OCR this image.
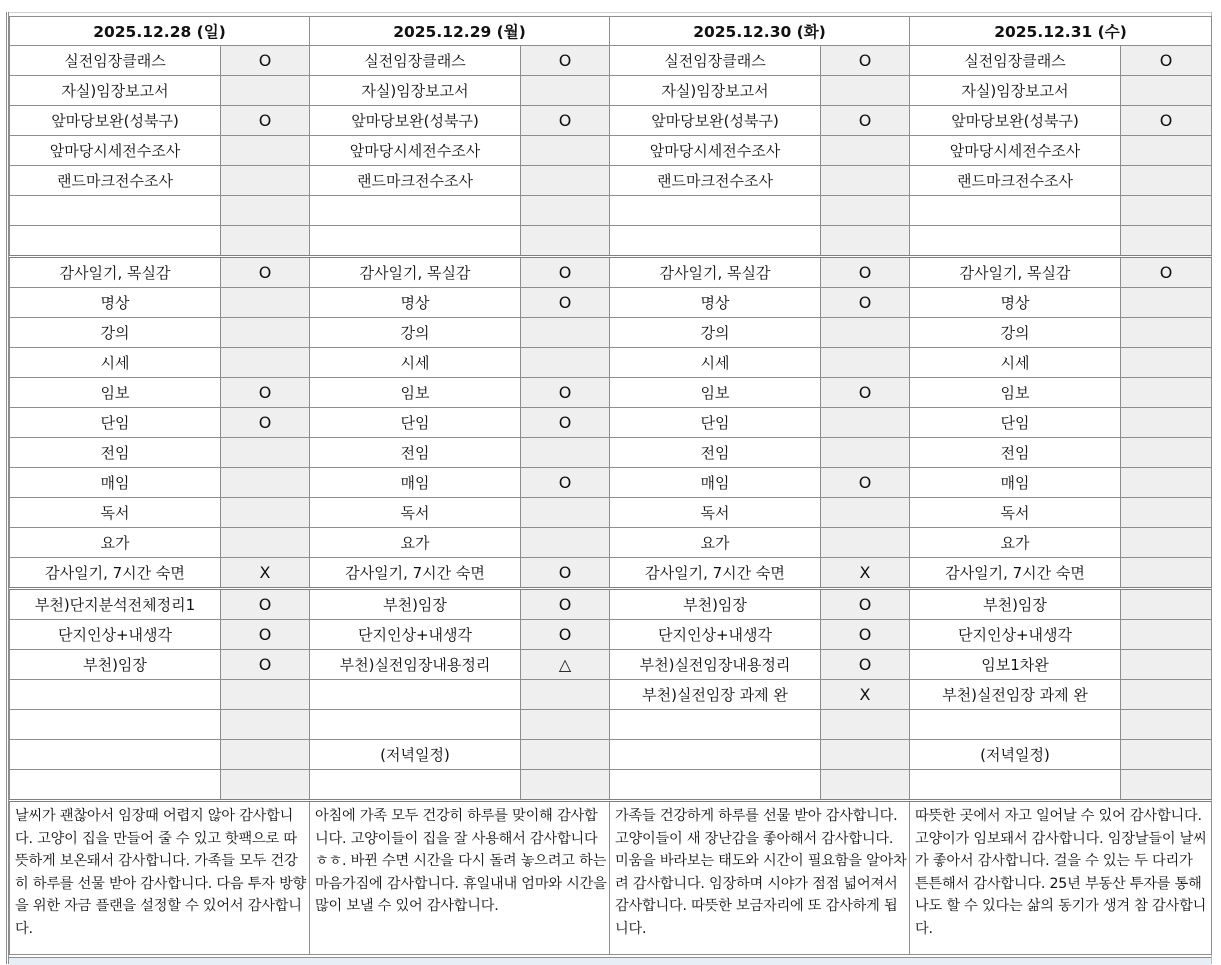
2025.12.28 (일)		2025.12.29 (월)		2025.12.30 (화)		2025.12.31 (수)	
실전임장클래스	O	실전임장클래스	O	실전임장클래스	O	실전임장클래스	O
자실)임장보고서		자실)임장보고서		자실)임장보고서		자실)임장보고서	
앞마당보완(성북구)	O	앞마당보완(성북구)	O	앞마당보완(성북구)	O	앞마당보완(성북구)	O
앞마당시세전수조사		앞마당시세전수조사		앞마당시세전수조사		앞마당시세전수조사	
랜드마크전수조사		랜드마크전수조사		랜드마크전수조사		랜드마크전수조사	

감사일기, 목실감	O	감사일기, 목실감	O	감사일기, 목실감	O	감사일기, 목실감	O
명상		명상	O	명상	O	명상	
강의		강의		강의		강의	
시세		시세		시세		시세	
임보	O	임보	O	임보	O	임보	
단임	O	단임	O	단임		단임	
전임		전임		전임		전임	
매임		매임	O	매임	O	매임	
독서		독서		독서		독서	
요가		요가		요가		요가	
감사일기, 7시간 숙면	X	감사일기, 7시간 숙면	O	감사일기, 7시간 숙면	X	감사일기, 7시간 숙면	
부천)단지분석전체정리1	O	부천)임장	O	부천)임장	O	부천)임장	
단지인상+내생각	O	단지인상+내생각	O	단지인상+내생각	O	단지인상+내생각	
부천)임장	O	부천)실전임장내용정리	△	부천)실전임장내용정리	O	임보1차완	
				부천)실전임장 과제 완	X	부천)실전임장 과제 완	

		(저녁일정)				(저녁일정)	

날씨가 괜찮아서 임장때 어렵지 않아 감사합니다. 고양이 집을 만들어 줄 수 있고 핫팩으로 따뜻하게 보온돼서 감사합니다. 가족들 모두 건강히 하루를 선물 받아 감사합니다. 다음 투자 방향을 위한 자금 플랜을 설정할 수 있어서 감사합니다.		아침에 가족 모두 건강히 하루를 맞이해 감사합니다. 고양이들이 집을 잘 사용해서 감사합니다ㅎㅎ. 바뀐 수면 시간을 다시 돌려 놓으려고 하는 마음가짐에 감사합니다. 휴일내내 엄마와 시간을 많이 보낼 수 있어 감사합니다.		가족들 건강하게 하루를 선물 받아 감사합니다. 고양이들이 새 장난감을 좋아해서 감사합니다. 미움을 바라보는 태도와 시간이 필요함을 알아차려 감사합니다. 임장하며 시야가 점점 넓어져서 감사합니다. 따뜻한 보금자리에 또 감사하게 됩니다.		따뜻한 곳에서 자고 일어날 수 있어 감사합니다. 고양이가 임보돼서 감사합니다. 임장날들이 날씨가 좋아서 감사합니다. 걸을 수 있는 두 다리가 튼튼해서 감사합니다. 25년 부동산 투자를 통해 나도 할 수 있다는 삶의 동기가 생겨 참 감사합니다.	
